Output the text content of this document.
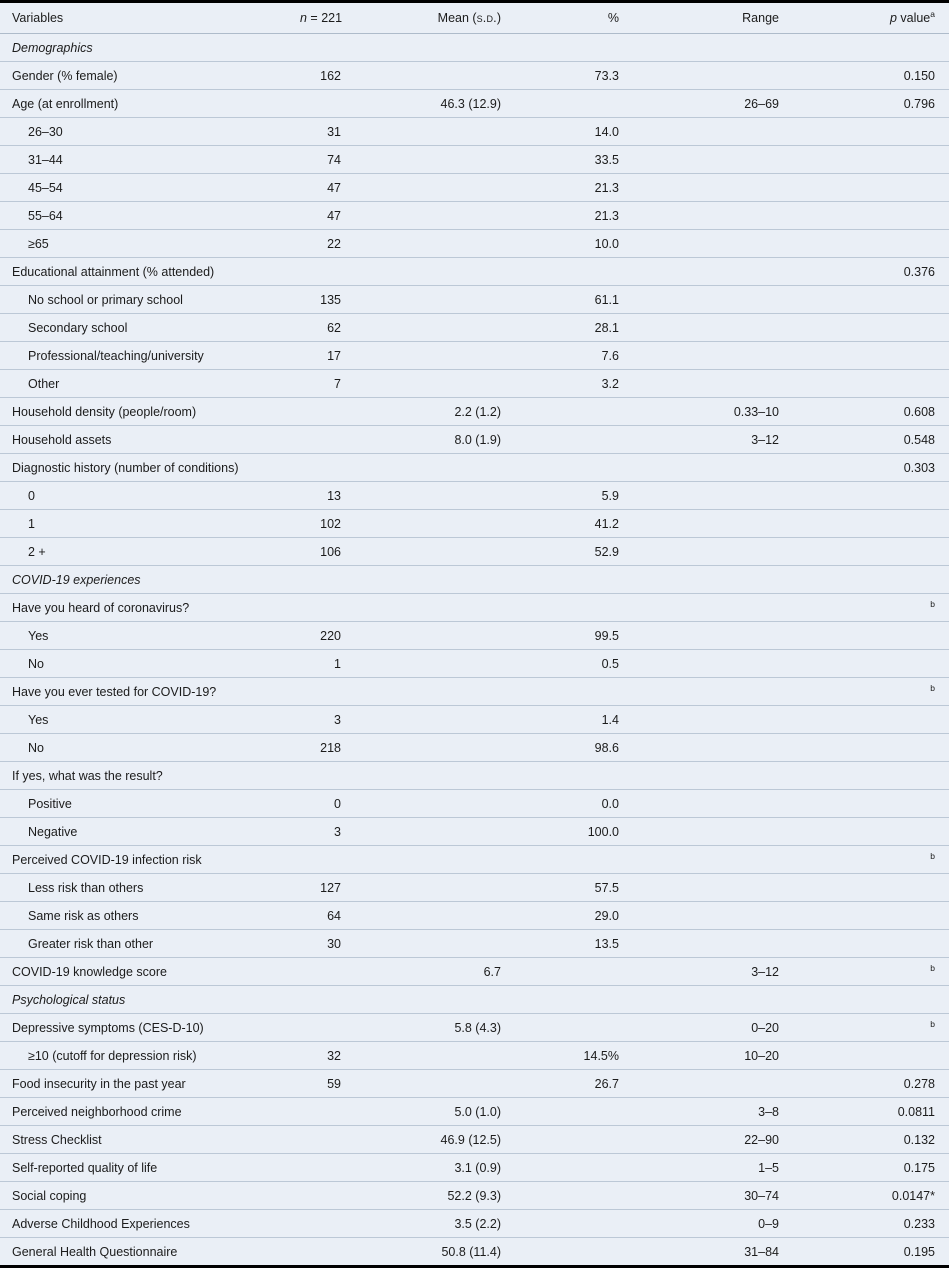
Variables	n = 221	Mean (s.d.)	%	Range	p value$^a$
Demographics					
Gender (% female)	162		73.3		0.150
Age (at enrollment)		46.3 (12.9)		26–69	0.796
26–30	31		14.0		
31–44	74		33.5		
45–54	47		21.3		
55–64	47		21.3		
≥65	22		10.0		
Educational attainment (% attended)					0.376
No school or primary school	135		61.1		
Secondary school	62		28.1		
Professional/teaching/university	17		7.6		
Other	7		3.2		
Household density (people/room)		2.2 (1.2)		0.33–10	0.608
Household assets		8.0 (1.9)		3–12	0.548
Diagnostic history (number of conditions)					0.303
0	13		5.9		
1	102		41.2		
2 +	106		52.9		
COVID-19 experiences					
Have you heard of coronavirus?					$^b$
Yes	220		99.5		
No	1		0.5		
Have you ever tested for COVID-19?					$^b$
Yes	3		1.4		
No	218		98.6		
If yes, what was the result?					
Positive	0		0.0		
Negative	3		100.0		
Perceived COVID-19 infection risk					$^b$
Less risk than others	127		57.5		
Same risk as others	64		29.0		
Greater risk than other	30		13.5		
COVID-19 knowledge score		6.7		3–12	$^b$
Psychological status					
Depressive symptoms (CES-D-10)		5.8 (4.3)		0–20	$^b$
≥10 (cutoff for depression risk)	32		14.5%	10–20	
Food insecurity in the past year	59		26.7		0.278
Perceived neighborhood crime		5.0 (1.0)		3–8	0.0811
Stress Checklist		46.9 (12.5)		22–90	0.132
Self-reported quality of life		3.1 (0.9)		1–5	0.175
Social coping		52.2 (9.3)		30–74	0.0147*
Adverse Childhood Experiences		3.5 (2.2)		0–9	0.233
General Health Questionnaire		50.8 (11.4)		31–84	0.195
